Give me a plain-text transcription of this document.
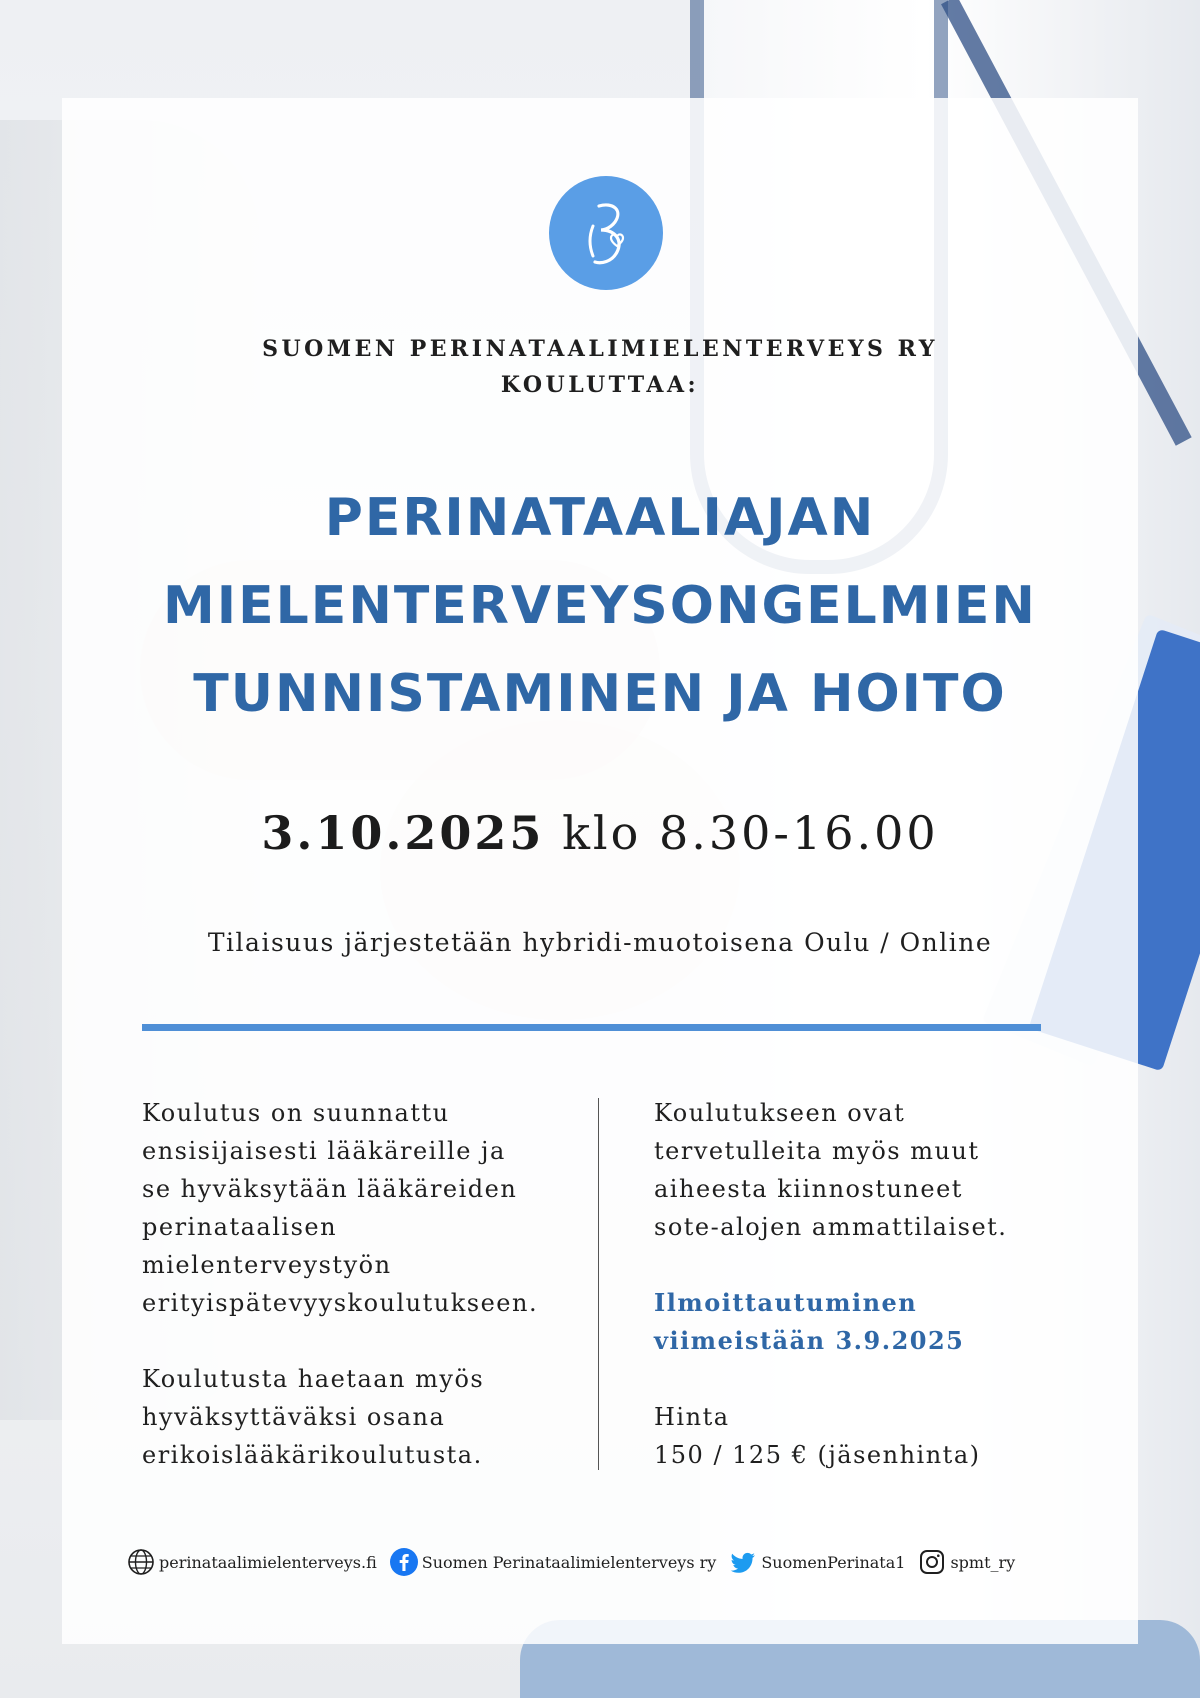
SUOMEN PERINATAALIMIELENTERVEYS RY
KOULUTTAA:
PERINATAALIAJAN
MIELENTERVEYSONGELMIEN
TUNNISTAMINEN JA HOITO
3.10.2025 klo 8.30-16.00
Tilaisuus järjestetään hybridi-muotoisena Oulu / Online

Koulutus on suunnattu

ensisijaisesti lääkäreille ja

se hyväksytään lääkäreiden

perinataalisen

mielenterveystyön

erityispätevyyskoulutukseen.

Koulutusta haetaan myös

hyväksyttäväksi osana

erikoislääkärikoulutusta.

Koulutukseen ovat

tervetulleita myös muut

aiheesta kiinnostuneet

sote-alojen ammattilaiset.

Ilmoittautuminen

viimeistään 3.9.2025

Hinta

150 / 125 € (jäsenhinta)

perinataalimielenterveys.fi	Suomen Perinataalimielenterveys ry	SuomenPerinata1	spmt_ry
